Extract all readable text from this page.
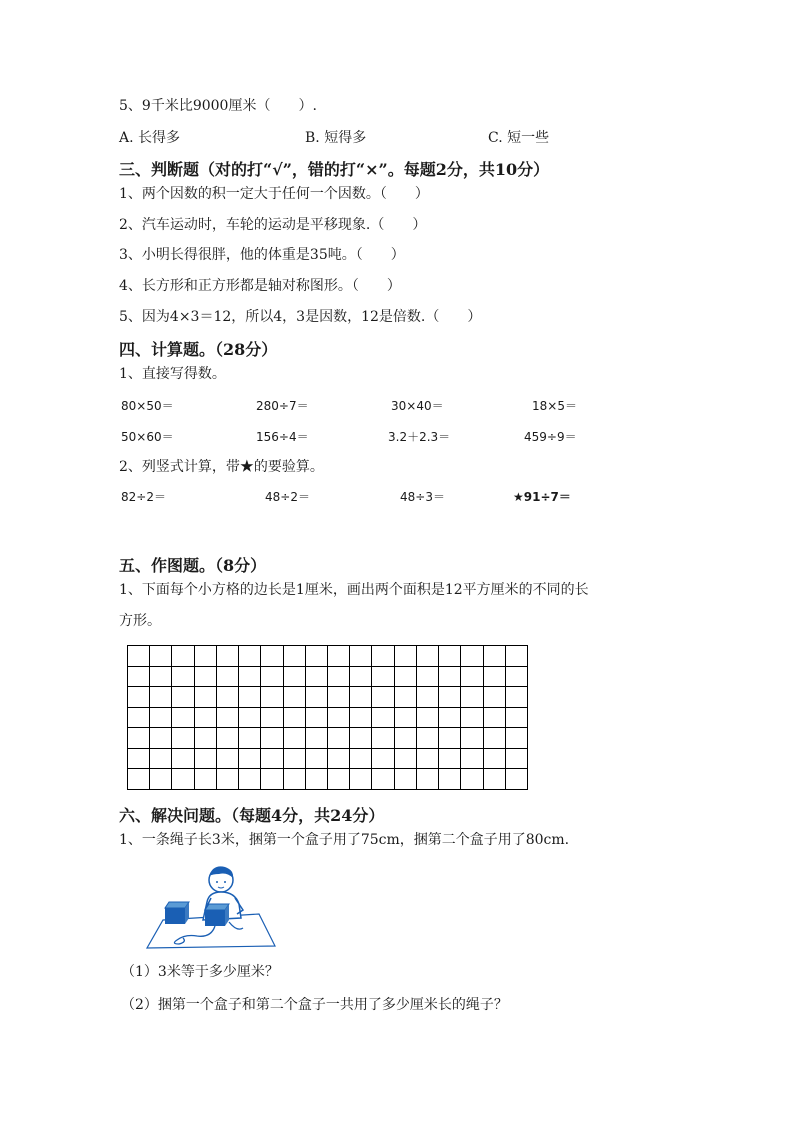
5、9千米比9000厘米（　　）.
A. 长得多	B. 短得多	C. 短一些
三、判断题（对的打“√”，错的打“×”。每题2分，共10分）
1、两个因数的积一定大于任何一个因数。（　　）
2、汽车运动时，车轮的运动是平移现象.（　　）
3、小明长得很胖，他的体重是35吨。（　　）
4、长方形和正方形都是轴对称图形。（　　）
5、因为4×3＝12，所以4，3是因数，12是倍数.（　　）
四、计算题。（28分）
1、直接写得数。
80×50＝	280÷7＝	30×40＝	18×5＝
50×60＝	156÷4＝	3.2＋2.3＝	459÷9＝
2、列竖式计算，带★的要验算。
82÷2＝	48÷2＝	48÷3＝	★91÷7＝
五、作图题。（8分）
1、下面每个小方格的边长是1厘米，画出两个面积是12平方厘米的不同的长
方形。
六、解决问题。（每题4分，共24分）
1、一条绳子长3米，捆第一个盒子用了75cm，捆第二个盒子用了80cm.
（1）3米等于多少厘米？
（2）捆第一个盒子和第二个盒子一共用了多少厘米长的绳子？
